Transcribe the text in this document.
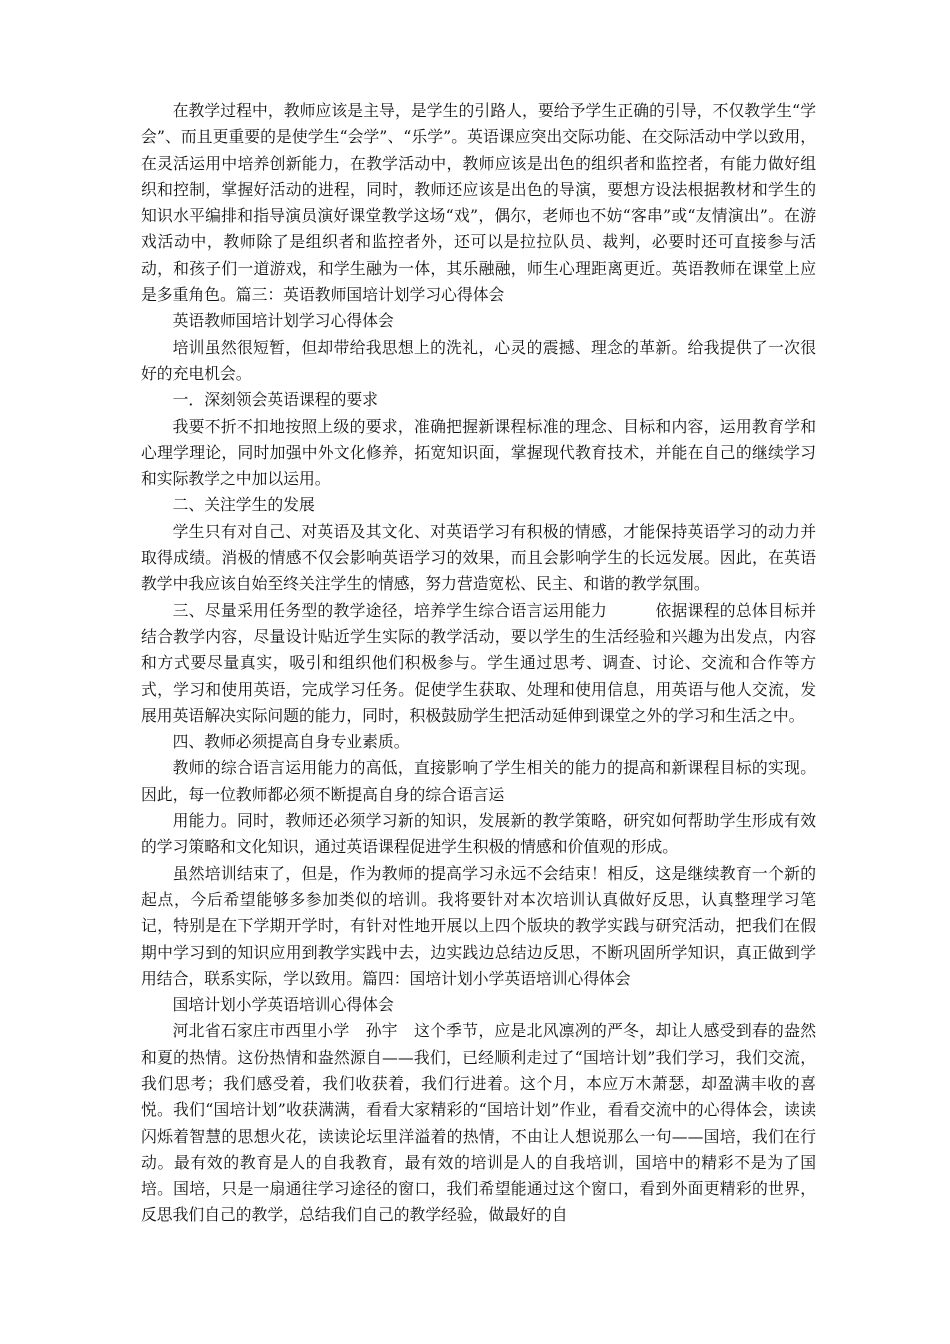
在教学过程中，教师应该是主导，是学生的引路人，要给予学生正确的引导，不仅教学生“学会”、而且更重要的是使学生“会学”、“乐学”。英语课应突出交际功能、在交际活动中学以致用，在灵活运用中培养创新能力，在教学活动中，教师应该是出色的组织者和监控者，有能力做好组织和控制，掌握好活动的进程，同时，教师还应该是出色的导演，要想方设法根据教材和学生的知识水平编排和指导演员演好课堂教学这场“戏”，偶尔，老师也不妨“客串”或“友情演出”。在游戏活动中，教师除了是组织者和监控者外，还可以是拉拉队员、裁判，必要时还可直接参与活动，和孩子们一道游戏，和学生融为一体，其乐融融，师生心理距离更近。英语教师在课堂上应是多重角色。篇三：英语教师国培计划学习心得体会

英语教师国培计划学习心得体会

培训虽然很短暂，但却带给我思想上的洗礼，心灵的震撼、理念的革新。给我提供了一次很好的充电机会。

一．深刻领会英语课程的要求

我要不折不扣地按照上级的要求，准确把握新课程标准的理念、目标和内容，运用教育学和心理学理论，同时加强中外文化修养，拓宽知识面，掌握现代教育技术，并能在自己的继续学习和实际教学之中加以运用。

二、关注学生的发展

学生只有对自己、对英语及其文化、对英语学习有积极的情感，才能保持英语学习的动力并取得成绩。消极的情感不仅会影响英语学习的效果，而且会影响学生的长远发展。因此，在英语教学中我应该自始至终关注学生的情感，努力营造宽松、民主、和谐的教学氛围。

三、尽量采用任务型的教学途径，培养学生综合语言运用能力　　　依据课程的总体目标并结合教学内容，尽量设计贴近学生实际的教学活动，要以学生的生活经验和兴趣为出发点，内容和方式要尽量真实，吸引和组织他们积极参与。学生通过思考、调查、讨论、交流和合作等方式，学习和使用英语，完成学习任务。促使学生获取、处理和使用信息，用英语与他人交流，发展用英语解决实际问题的能力，同时，积极鼓励学生把活动延伸到课堂之外的学习和生活之中。

四、教师必须提高自身专业素质。

教师的综合语言运用能力的高低，直接影响了学生相关的能力的提高和新课程目标的实现。因此，每一位教师都必须不断提高自身的综合语言运

用能力。同时，教师还必须学习新的知识，发展新的教学策略，研究如何帮助学生形成有效的学习策略和文化知识，通过英语课程促进学生积极的情感和价值观的形成。

虽然培训结束了，但是，作为教师的提高学习永远不会结束！相反，这是继续教育一个新的起点，今后希望能够多参加类似的培训。我将要针对本次培训认真做好反思，认真整理学习笔记，特别是在下学期开学时，有针对性地开展以上四个版块的教学实践与研究活动，把我们在假期中学习到的知识应用到教学实践中去，边实践边总结边反思，不断巩固所学知识，真正做到学用结合，联系实际，学以致用。篇四：国培计划小学英语培训心得体会

国培计划小学英语培训心得体会

河北省石家庄市西里小学　孙宇　这个季节，应是北风凛冽的严冬，却让人感受到春的盎然和夏的热情。这份热情和盎然源自——我们，已经顺利走过了“国培计划”我们学习，我们交流，我们思考；我们感受着，我们收获着，我们行进着。这个月，本应万木萧瑟，却盈满丰收的喜悦。我们“国培计划”收获满满，看看大家精彩的“国培计划”作业，看看交流中的心得体会，读读闪烁着智慧的思想火花，读读论坛里洋溢着的热情，不由让人想说那么一句——国培，我们在行动。最有效的教育是人的自我教育，最有效的培训是人的自我培训，国培中的精彩不是为了国培。国培，只是一扇通往学习途径的窗口，我们希望能通过这个窗口，看到外面更精彩的世界，反思我们自己的教学，总结我们自己的教学经验，做最好的自
